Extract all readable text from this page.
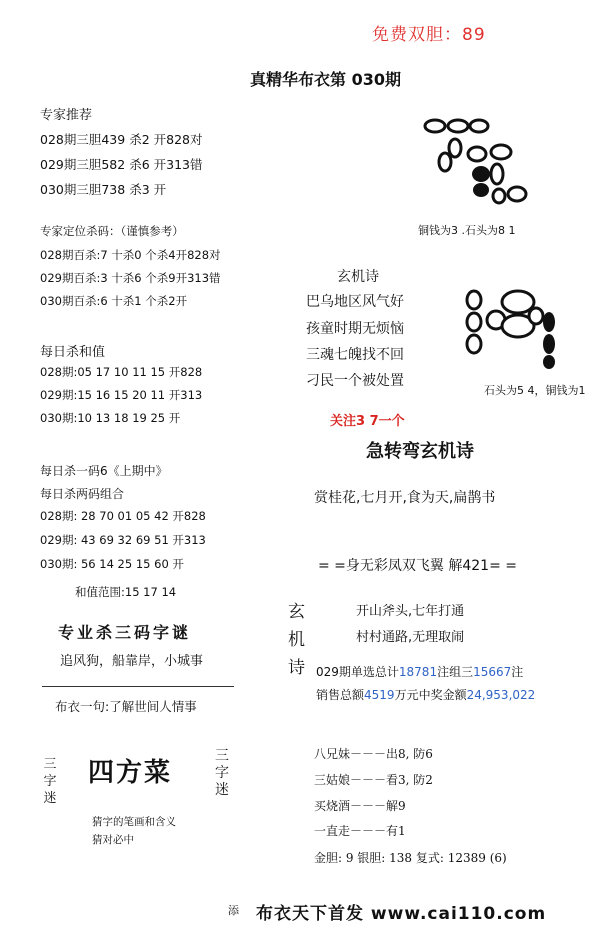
免费双胆：89
真精华布衣第 030期
专家推荐
028期三胆439 杀2 开828对
029期三胆582 杀6 开313错
030期三胆738 杀3 开
专家定位杀码：（谨慎参考）
028期百杀:7 十杀0 个杀4开828对
029期百杀:3 十杀6 个杀9开313错
030期百杀:6 十杀1 个杀2开
每日杀和值
028期:05 17 10 11 15 开828
029期:15 16 15 20 11 开313
030期:10 13 18 19 25 开
每日杀一码6《上期中》
每日杀两码组合
028期: 28 70 01 05 42 开828
029期: 43 69 32 69 51 开313
030期: 56 14 25 15 60 开
和值范围:15 17 14
专业杀三码字谜
追风狗，船靠岸，小城事
布衣一句:了解世间人情事
三
字
迷
四方菜
三
字
迷
猜字的笔画和含义
猜对必中
铜钱为3 .石头为8 1
玄机诗
巴乌地区风气好
孩童时期无烦恼
三魂七魄找不回
刁民一个被处置
石头为5 4，铜钱为1
关注3 7一个
急转弯玄机诗
赏桂花,七月开,食为天,扁鹊书
= =身无彩凤双飞翼 解421= =
玄
机
诗
开山斧头,七年打通
村村通路,无理取闹
029期单选总计18781注组三15667注
销售总额4519万元中奖金额24,953,022
八兄妹－－－出8, 防6
三姑娘－－－看3, 防2
买烧酒－－－解9
一直走－－－有1
金胆: 9 银胆: 138 复式: 12389 (6)
添 布衣天下首发 www.cai110.com
